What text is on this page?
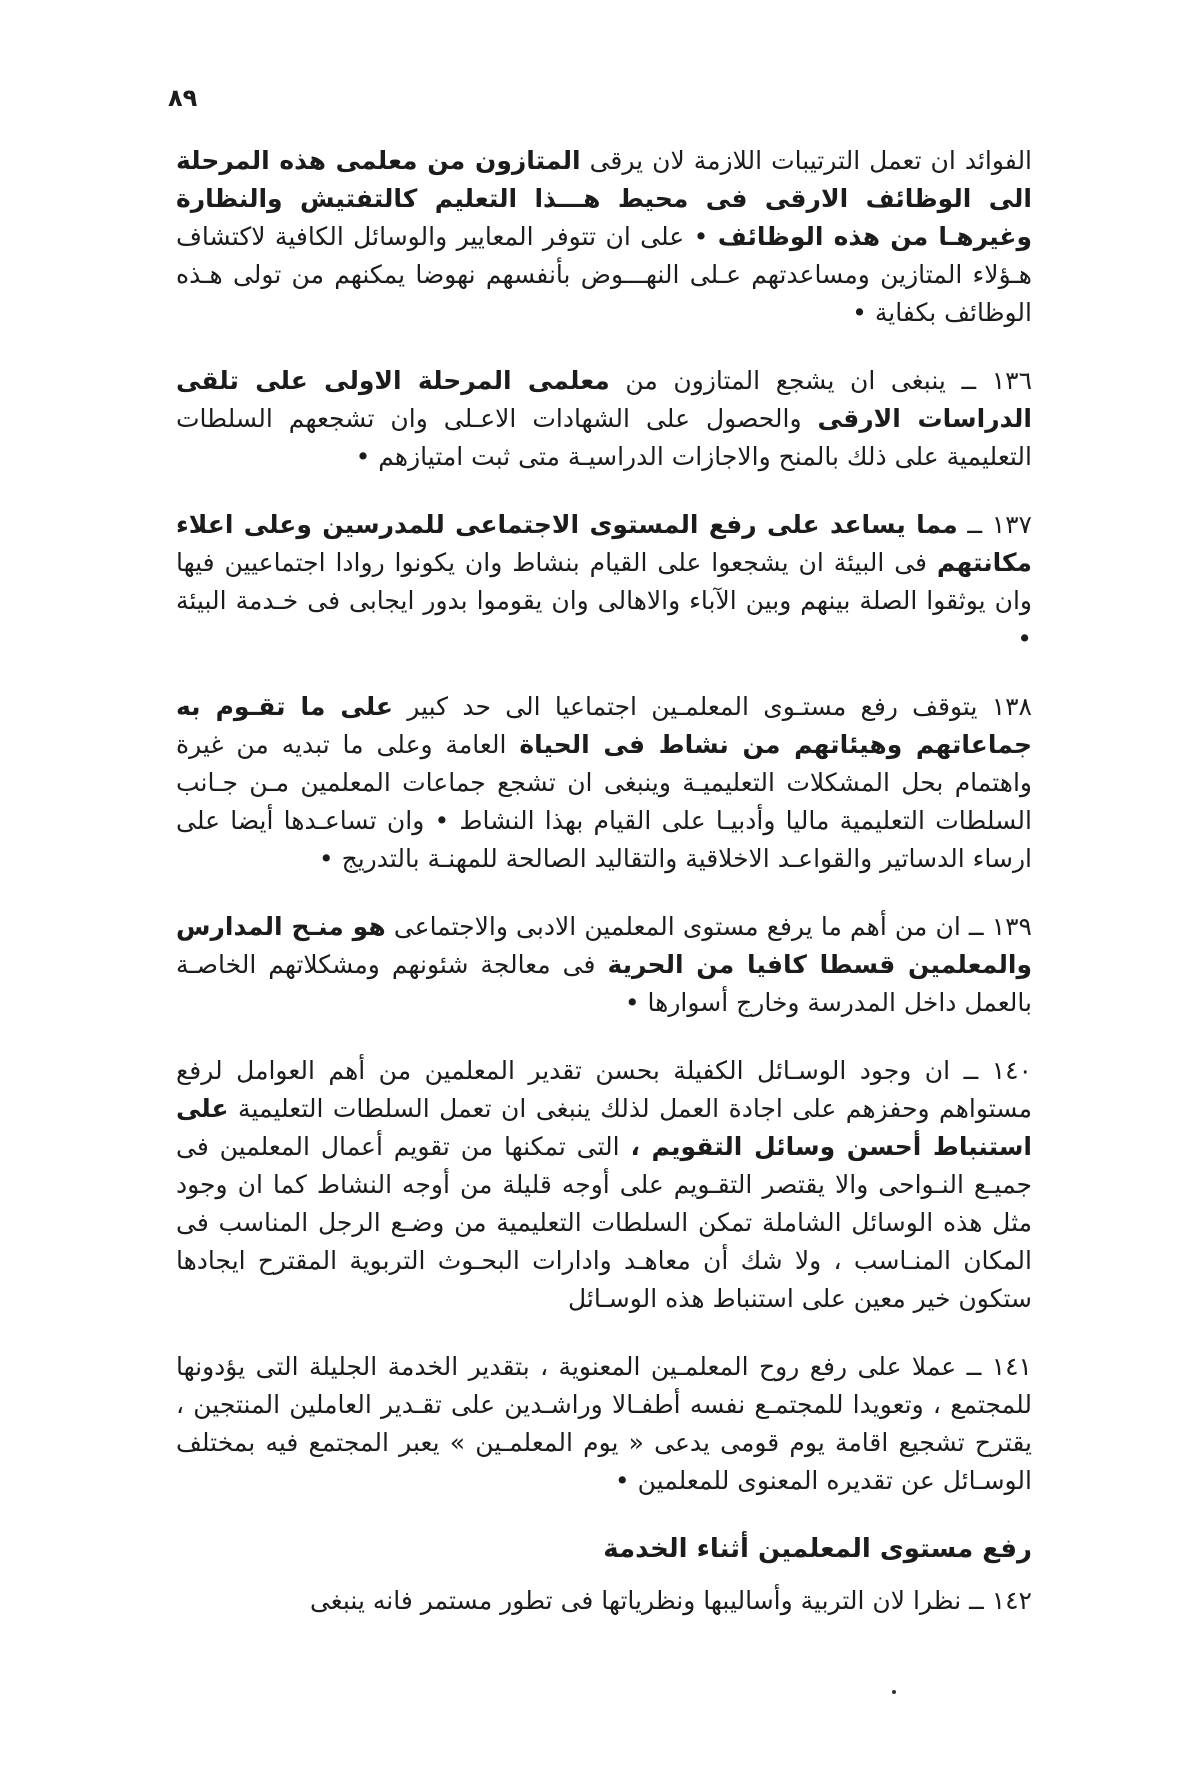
٨٩

الفوائد ان تعمل الترتيبات اللازمة لان يرقى المتازون من معلمى هذه المرحلة الى الوظائف الارقى فى محيط هـــذا التعليم كالتفتيش والنظارة وغيرهـا من هذه الوظائف • على ان تتوفر المعايير والوسائل الكافية لاكتشاف هـؤلاء المتازين ومساعدتهم عـلى النهـــوض بأنفسهم نهوضا يمكنهم من تولى هـذه الوظائف بكفاية •

١٣٦ ــ ينبغى ان يشجع المتازون من معلمى المرحلة الاولى على تلقى الدراسات الارقى والحصول على الشهادات الاعـلى وان تشجعهم السلطات التعليمية على ذلك بالمنح والاجازات الدراسيـة متى ثبت امتيازهم •

١٣٧ ــ مما يساعد على رفع المستوى الاجتماعى للمدرسين وعلى اعلاء مكانتهم فى البيئة ان يشجعوا على القيام بنشاط وان يكونوا روادا اجتماعيين فيها وان يوثقوا الصلة بينهم وبين الآباء والاهالى وان يقوموا بدور ايجابى فى خـدمة البيئة •

١٣٨ يتوقف رفع مستـوى المعلمـين اجتماعيا الى حد كبير على ما تقـوم به جماعاتهم وهيئاتهم من نشاط فى الحياة العامة وعلى ما تبديه من غيرة واهتمام بحل المشكلات التعليميـة وينبغى ان تشجع جماعات المعلمين مـن جـانب السلطات التعليمية ماليا وأدبيـا على القيام بهذا النشاط • وان تساعـدها أيضا على ارساء الدساتير والقواعـد الاخلاقية والتقاليد الصالحة للمهنـة بالتدريج •

١٣٩ ــ ان من أهم ما يرفع مستوى المعلمين الادبى والاجتماعى هو منـح المدارس والمعلمين قسطا كافيا من الحرية فى معالجة شئونهم ومشكلاتهم الخاصـة بالعمل داخل المدرسة وخارج أسوارها •

١٤٠ ــ ان وجود الوسـائل الكفيلة بحسن تقدير المعلمين من أهم العوامل لرفع مستواهم وحفزهم على اجادة العمل لذلك ينبغى ان تعمل السلطات التعليمية على استنباط أحسن وسائل التقويم ، التى تمكنها من تقويم أعمال المعلمين فى جميـع النـواحى والا يقتصر التقـويم على أوجه قليلة من أوجه النشاط كما ان وجود مثل هذه الوسائل الشاملة تمكن السلطات التعليمية من وضـع الرجل المناسب فى المكان المنـاسب ، ولا شك أن معاهـد وادارات البحـوث التربوية المقترح ايجادها ستكون خير معين على استنباط هذه الوسـائل

١٤١ ــ عملا على رفع روح المعلمـين المعنوية ، بتقدير الخدمة الجليلة التى يؤدونها للمجتمع ، وتعويدا للمجتمـع نفسه أطفـالا وراشـدين على تقـدير العاملين المنتجين ، يقترح تشجيع اقامة يوم قومى يدعى « يوم المعلمـين » يعبر المجتمع فيه بمختلف الوسـائل عن تقديره المعنوى للمعلمين •

رفع مستوى المعلمين أثناء الخدمة

١٤٢ ــ نظرا لان التربية وأساليبها ونظرياتها فى تطور مستمر فانه ينبغى
